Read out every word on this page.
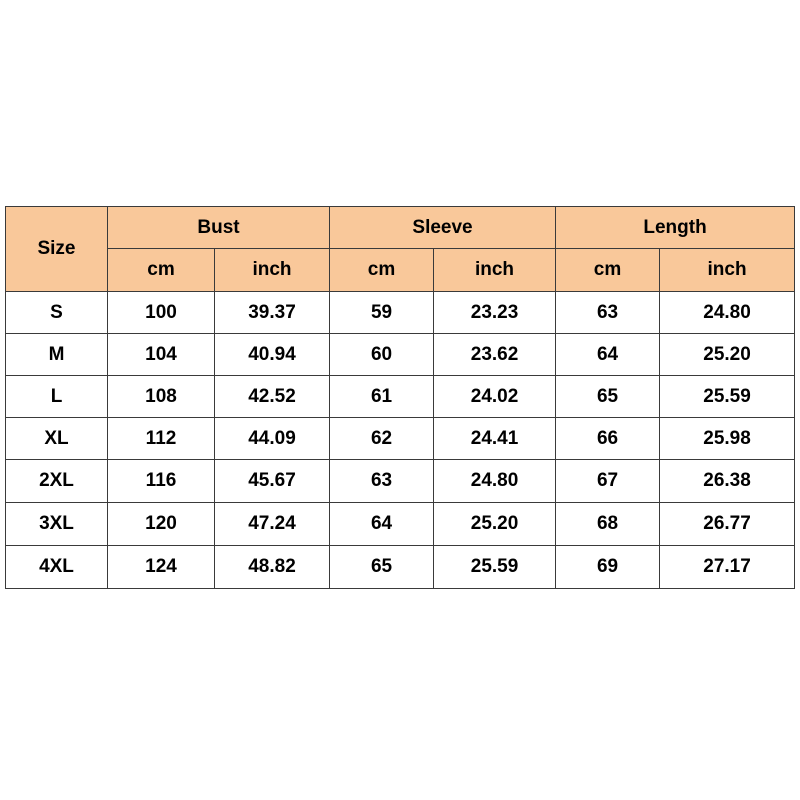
Size	Bust		Sleeve		Length	
	cm	inch	cm	inch	cm	inch
S	100	39.37	59	23.23	63	24.80
M	104	40.94	60	23.62	64	25.20
L	108	42.52	61	24.02	65	25.59
XL	112	44.09	62	24.41	66	25.98
2XL	116	45.67	63	24.80	67	26.38
3XL	120	47.24	64	25.20	68	26.77
4XL	124	48.82	65	25.59	69	27.17
